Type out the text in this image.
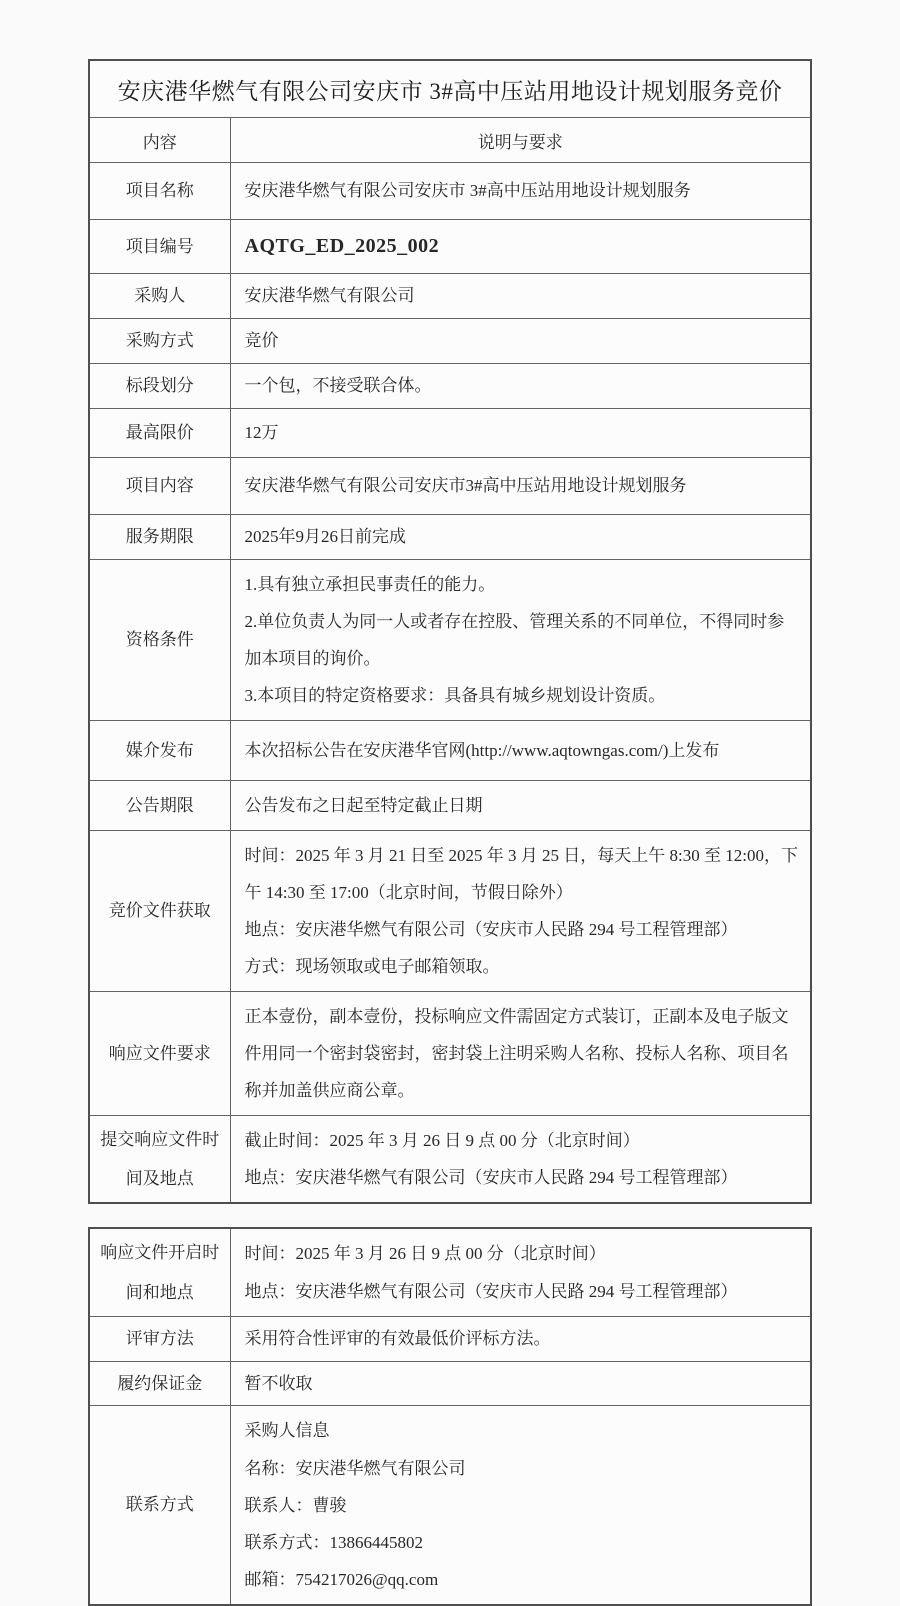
安庆港华燃气有限公司安庆市 3#高中压站用地设计规划服务竞价	
内容	说明与要求
项目名称	安庆港华燃气有限公司安庆市 3#高中压站用地设计规划服务
项目编号	AQTG_ED_2025_002
采购人	安庆港华燃气有限公司
采购方式	竞价
标段划分	一个包，不接受联合体。
最高限价	12万
项目内容	安庆港华燃气有限公司安庆市3#高中压站用地设计规划服务
服务期限	2025年9月26日前完成
资格条件	1.具有独立承担民事责任的能力。

2.单位负责人为同一人或者存在控股、管理关系的不同单位，不得同时参加本项目的询价。

3.本项目的特定资格要求：具备具有城乡规划设计资质。

媒介发布	本次招标公告在安庆港华官网(http://www.aqtowngas.com/)上发布
公告期限	公告发布之日起至特定截止日期
竞价文件获取	时间：2025 年 3 月 21 日至 2025 年 3 月 25 日，每天上午 8:30 至 12:00，下午 14:30 至 17:00（北京时间，节假日除外）

地点：安庆港华燃气有限公司（安庆市人民路 294 号工程管理部）

方式：现场领取或电子邮箱领取。

响应文件要求	正本壹份，副本壹份，投标响应文件需固定方式装订，正副本及电子版文件用同一个密封袋密封，密封袋上注明采购人名称、投标人名称、项目名称并加盖供应商公章。
提交响应文件时间及地点	截止时间：2025 年 3 月 26 日 9 点 00 分（北京时间）

地点：安庆港华燃气有限公司（安庆市人民路 294 号工程管理部）

响应文件开启时间和地点	时间：2025 年 3 月 26 日 9 点 00 分（北京时间）

地点：安庆港华燃气有限公司（安庆市人民路 294 号工程管理部）

评审方法	采用符合性评审的有效最低价评标方法。
履约保证金	暂不收取
联系方式	采购人信息

名称：安庆港华燃气有限公司

联系人：曹骏

联系方式：13866445802

邮箱：754217026@qq.com
